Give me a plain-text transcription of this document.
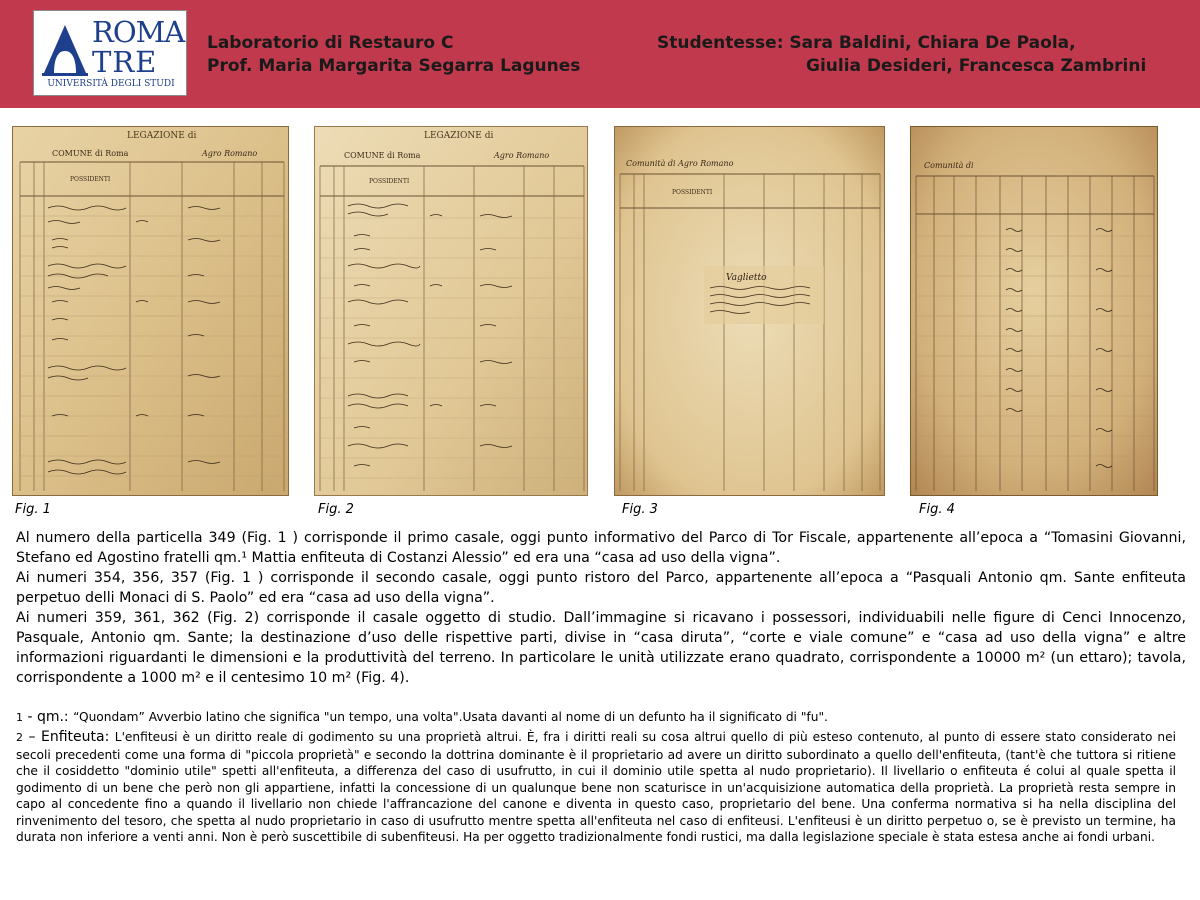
ROMA
TRE
UNIVERSITÀ DEGLI STUDI
Laboratorio di Restauro C
Prof. Maria Margarita Segarra Lagunes
Studentesse: Sara Baldini, Chiara De Paola,
Giulia Desideri, Francesca Zambrini
LEGAZIONE di
COMUNE di Roma	Agro Romano
POSSIDENTI
LEGAZIONE di
COMUNE di Roma	Agro Romano
POSSIDENTI
Comunità di Agro Romano
POSSIDENTI
Vaglietto
Comunità di
Fig. 1	Fig. 2	Fig. 3	Fig. 4
Al numero della particella 349 (Fig. 1 ) corrisponde il primo casale, oggi punto informativo del Parco di Tor Fiscale, appartenente all’epoca a “Tomasini Giovanni, Stefano ed Agostino fratelli qm.¹ Mattia enfiteuta di Costanzi Alessio” ed era una “casa ad uso della vigna”.
Ai numeri 354, 356, 357 (Fig. 1 ) corrisponde il secondo casale, oggi punto ristoro del Parco, appartenente all’epoca a “Pasquali Antonio qm. Sante enfiteuta perpetuo delli Monaci di S. Paolo” ed era “casa ad uso della vigna”.
Ai numeri 359, 361, 362 (Fig. 2) corrisponde il casale oggetto di studio. Dall’immagine si ricavano i possessori, individuabili nelle figure di Cenci Innocenzo, Pasquale, Antonio qm. Sante; la destinazione d’uso delle rispettive parti, divise in “casa diruta”, “corte e viale comune” e “casa ad uso della vigna” e altre informazioni riguardanti le dimensioni e la produttività del terreno. In particolare le unità utilizzate erano quadrato, corrispondente a 10000 m² (un ettaro); tavola, corrispondente a 1000 m² e il centesimo 10 m² (Fig. 4).
1 - qm.: “Quondam” Avverbio latino che significa "un tempo, una volta".Usata davanti al nome di un defunto ha il significato di "fu".
2 – Enfiteuta: L'enfiteusi è un diritto reale di godimento su una proprietà altrui. È, fra i diritti reali su cosa altrui quello di più esteso contenuto, al punto di essere stato considerato nei secoli precedenti come una forma di "piccola proprietà" e secondo la dottrina dominante è il proprietario ad avere un diritto subordinato a quello dell'enfiteuta, (tant'è che tuttora si ritiene che il cosiddetto "dominio utile" spetti all'enfiteuta, a differenza del caso di usufrutto, in cui il dominio utile spetta al nudo proprietario). Il livellario o enfiteuta é colui al quale spetta il godimento di un bene che però non gli appartiene, infatti la concessione di un qualunque bene non scaturisce in un'acquisizione automatica della proprietà. La proprietà resta sempre in capo al concedente fino a quando il livellario non chiede l'affrancazione del canone e diventa in questo caso, proprietario del bene. Una conferma normativa si ha nella disciplina del rinvenimento del tesoro, che spetta al nudo proprietario in caso di usufrutto mentre spetta all'enfiteuta nel caso di enfiteusi. L'enfiteusi è un diritto perpetuo o, se è previsto un termine, ha durata non inferiore a venti anni. Non è però suscettibile di subenfiteusi. Ha per oggetto tradizionalmente fondi rustici, ma dalla legislazione speciale è stata estesa anche ai fondi urbani.
